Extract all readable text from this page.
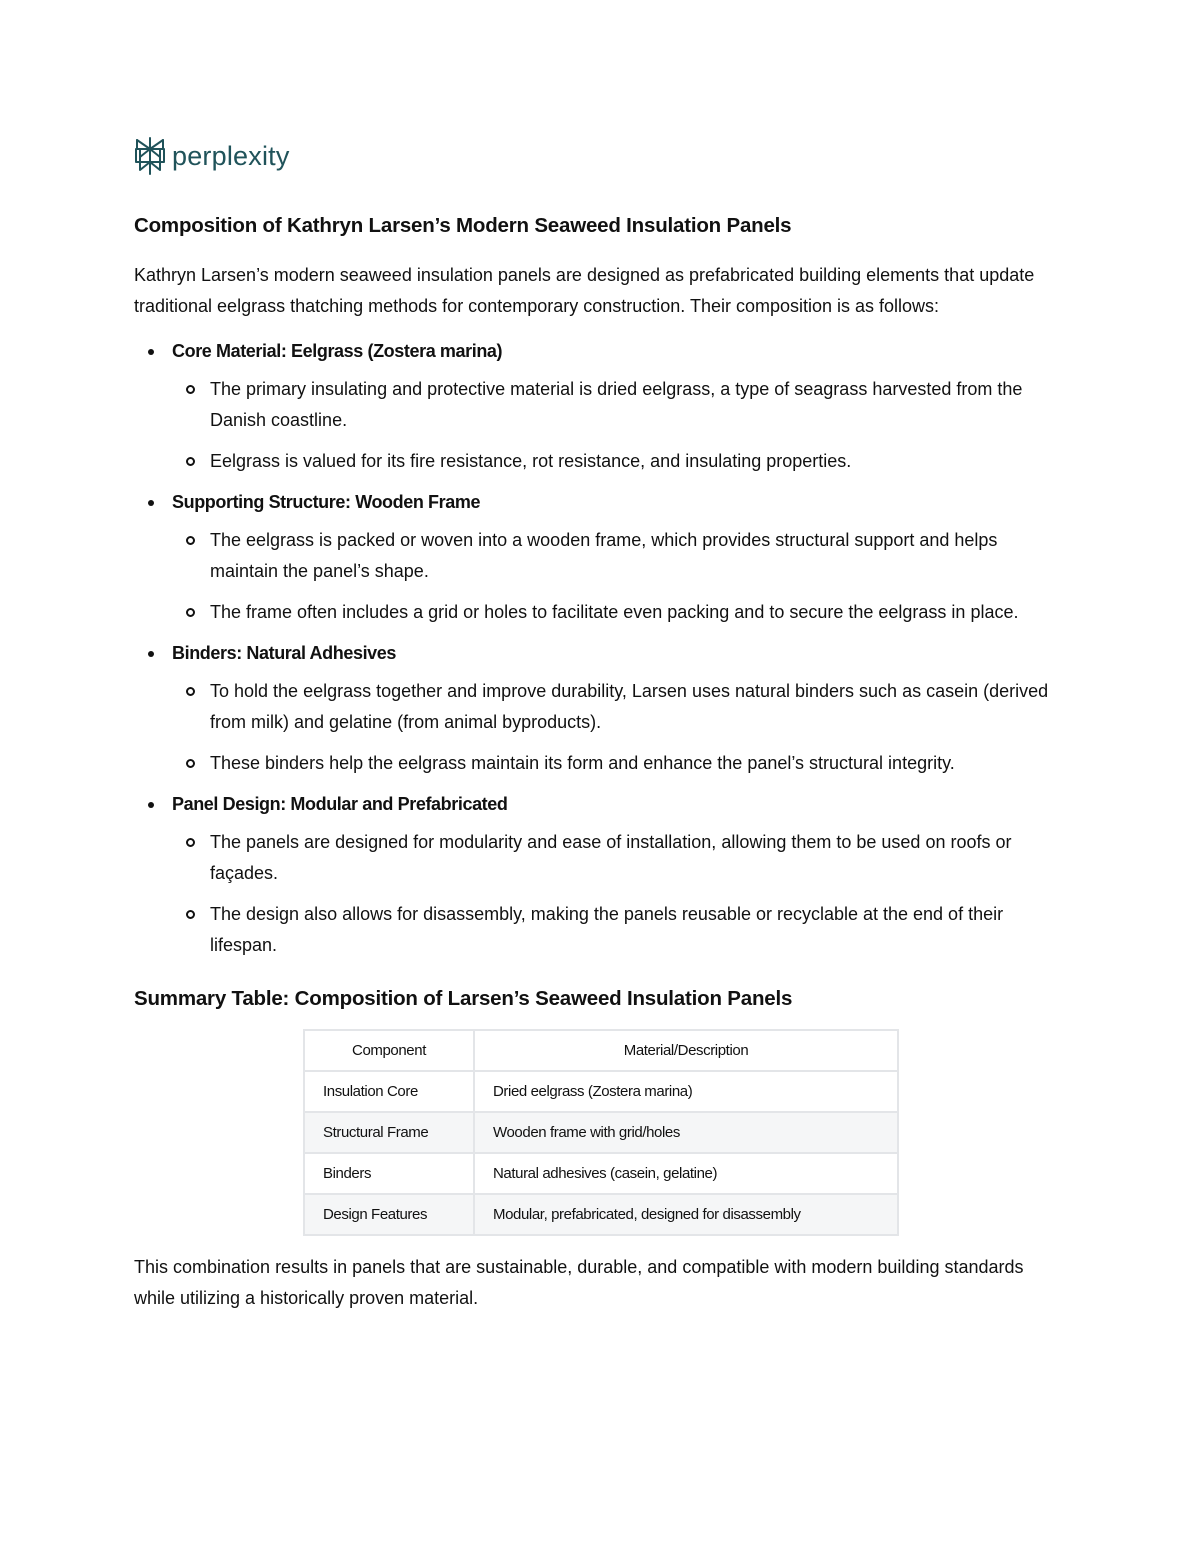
perplexity
Composition of Kathryn Larsen’s Modern Seaweed Insulation Panels

Kathryn Larsen’s modern seaweed insulation panels are designed as prefabricated building elements that update traditional eelgrass thatching methods for contemporary construction. Their composition is as follows:

Core Material: Eelgrass (Zostera marina)
The primary insulating and protective material is dried eelgrass, a type of seagrass harvested from the Danish coastline.
Eelgrass is valued for its fire resistance, rot resistance, and insulating properties.
Supporting Structure: Wooden Frame
The eelgrass is packed or woven into a wooden frame, which provides structural support and helps maintain the panel’s shape.
The frame often includes a grid or holes to facilitate even packing and to secure the eelgrass in place.
Binders: Natural Adhesives
To hold the eelgrass together and improve durability, Larsen uses natural binders such as casein (derived from milk) and gelatine (from animal byproducts).
These binders help the eelgrass maintain its form and enhance the panel’s structural integrity.
Panel Design: Modular and Prefabricated
The panels are designed for modularity and ease of installation, allowing them to be used on roofs or façades.
The design also allows for disassembly, making the panels reusable or recyclable at the end of their lifespan.
Summary Table: Composition of Larsen’s Seaweed Insulation Panels
Component	Material/Description
Insulation Core	Dried eelgrass (Zostera marina)
Structural Frame	Wooden frame with grid/holes
Binders	Natural adhesives (casein, gelatine)
Design Features	Modular, prefabricated, designed for disassembly

This combination results in panels that are sustainable, durable, and compatible with modern building standards while utilizing a historically proven material.
